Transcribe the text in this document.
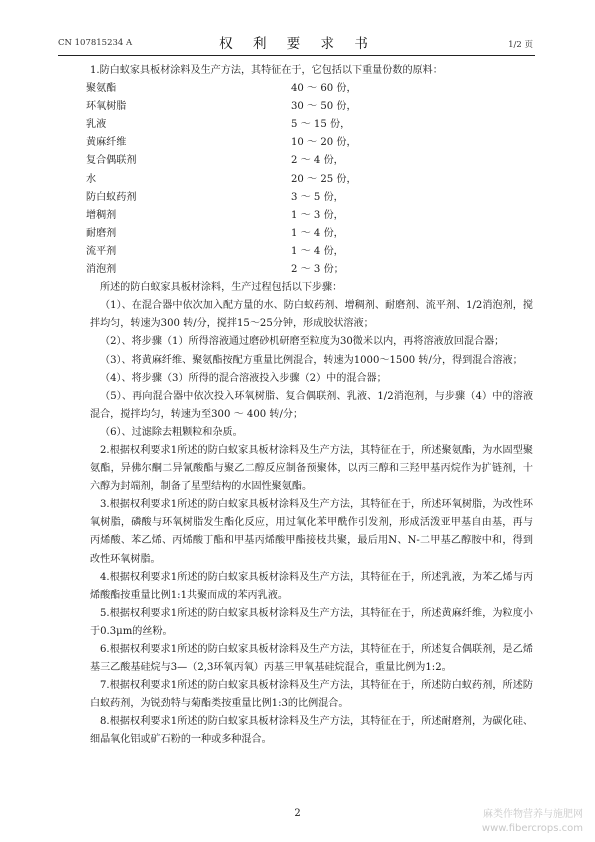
CN 107815234 A	权 利 要 求 书	1/2 页

1.防白蚁家具板材涂料及生产方法，其特征在于，它包括以下重量份数的原料：

聚氨酯	40 ～ 60 份，
环氧树脂	30 ～ 50 份，
乳液	5 ～ 15 份，
黄麻纤维	10 ～ 20 份，
复合偶联剂	2 ～ 4 份，
水	20 ～ 25 份，
防白蚁药剂	3 ～ 5 份，
增稠剂	1 ～ 3 份，
耐磨剂	1 ～ 4 份，
流平剂	1 ～ 4 份，
消泡剂	2 ～ 3 份；

所述的防白蚁家具板材涂料，生产过程包括以下步骤：

（1）、在混合器中依次加入配方量的水、防白蚁药剂、增稠剂、耐磨剂、流平剂、1/2消泡剂，搅拌均匀，转速为300 转/分，搅拌15～25分钟，形成胶状溶液；

（2）、将步骤（1）所得溶液通过磨砂机研磨至粒度为30微米以内，再将溶液放回混合器；

（3）、将黄麻纤维、聚氨酯按配方重量比例混合，转速为1000～1500 转/分，得到混合溶液；

（4）、将步骤（3）所得的混合溶液投入步骤（2）中的混合器；

（5）、再向混合器中依次投入环氧树脂、复合偶联剂、乳液、1/2消泡剂，与步骤（4）中的溶液混合，搅拌均匀，转速为至300 ～ 400 转/分；

（6）、过滤除去粗颗粒和杂质。

2.根据权利要求1所述的防白蚁家具板材涂料及生产方法，其特征在于，所述聚氨酯，为水固型聚氨酯，异佛尔酮二异氰酸酯与聚乙二醇反应制备预聚体，以丙三醇和三羟甲基丙烷作为扩链剂，十六醇为封端剂，制备了星型结构的水固性聚氨酯。

3.根据权利要求1所述的防白蚁家具板材涂料及生产方法，其特征在于，所述环氧树脂，为改性环氧树脂，磷酸与环氧树脂发生酯化反应，用过氧化苯甲酰作引发剂，形成活泼亚甲基自由基，再与丙烯酸、苯乙烯、丙烯酸丁酯和甲基丙烯酸甲酯接枝共聚，最后用N、N-二甲基乙醇胺中和，得到改性环氧树脂。

4.根据权利要求1所述的防白蚁家具板材涂料及生产方法，其特征在于，所述乳液，为苯乙烯与丙烯酸酯按重量比例1:1共聚而成的苯丙乳液。

5.根据权利要求1所述的防白蚁家具板材涂料及生产方法，其特征在于，所述黄麻纤维，为粒度小于0.3μm的丝粉。

6.根据权利要求1所述的防白蚁家具板材涂料及生产方法，其特征在于，所述复合偶联剂，是乙烯基三乙酸基硅烷与3—（2,3环氧丙氧）丙基三甲氧基硅烷混合，重量比例为1:2。

7.根据权利要求1所述的防白蚁家具板材涂料及生产方法，其特征在于，所述防白蚁药剂，所述防白蚁药剂，为锐劲特与菊酯类按重量比例1:3的比例混合。

8.根据权利要求1所述的防白蚁家具板材涂料及生产方法，其特征在于，所述耐磨剂，为碳化硅、细晶氧化铝或矿石粉的一种或多种混合。

2	麻类作物营养与施肥网
www.fibercrops.com
